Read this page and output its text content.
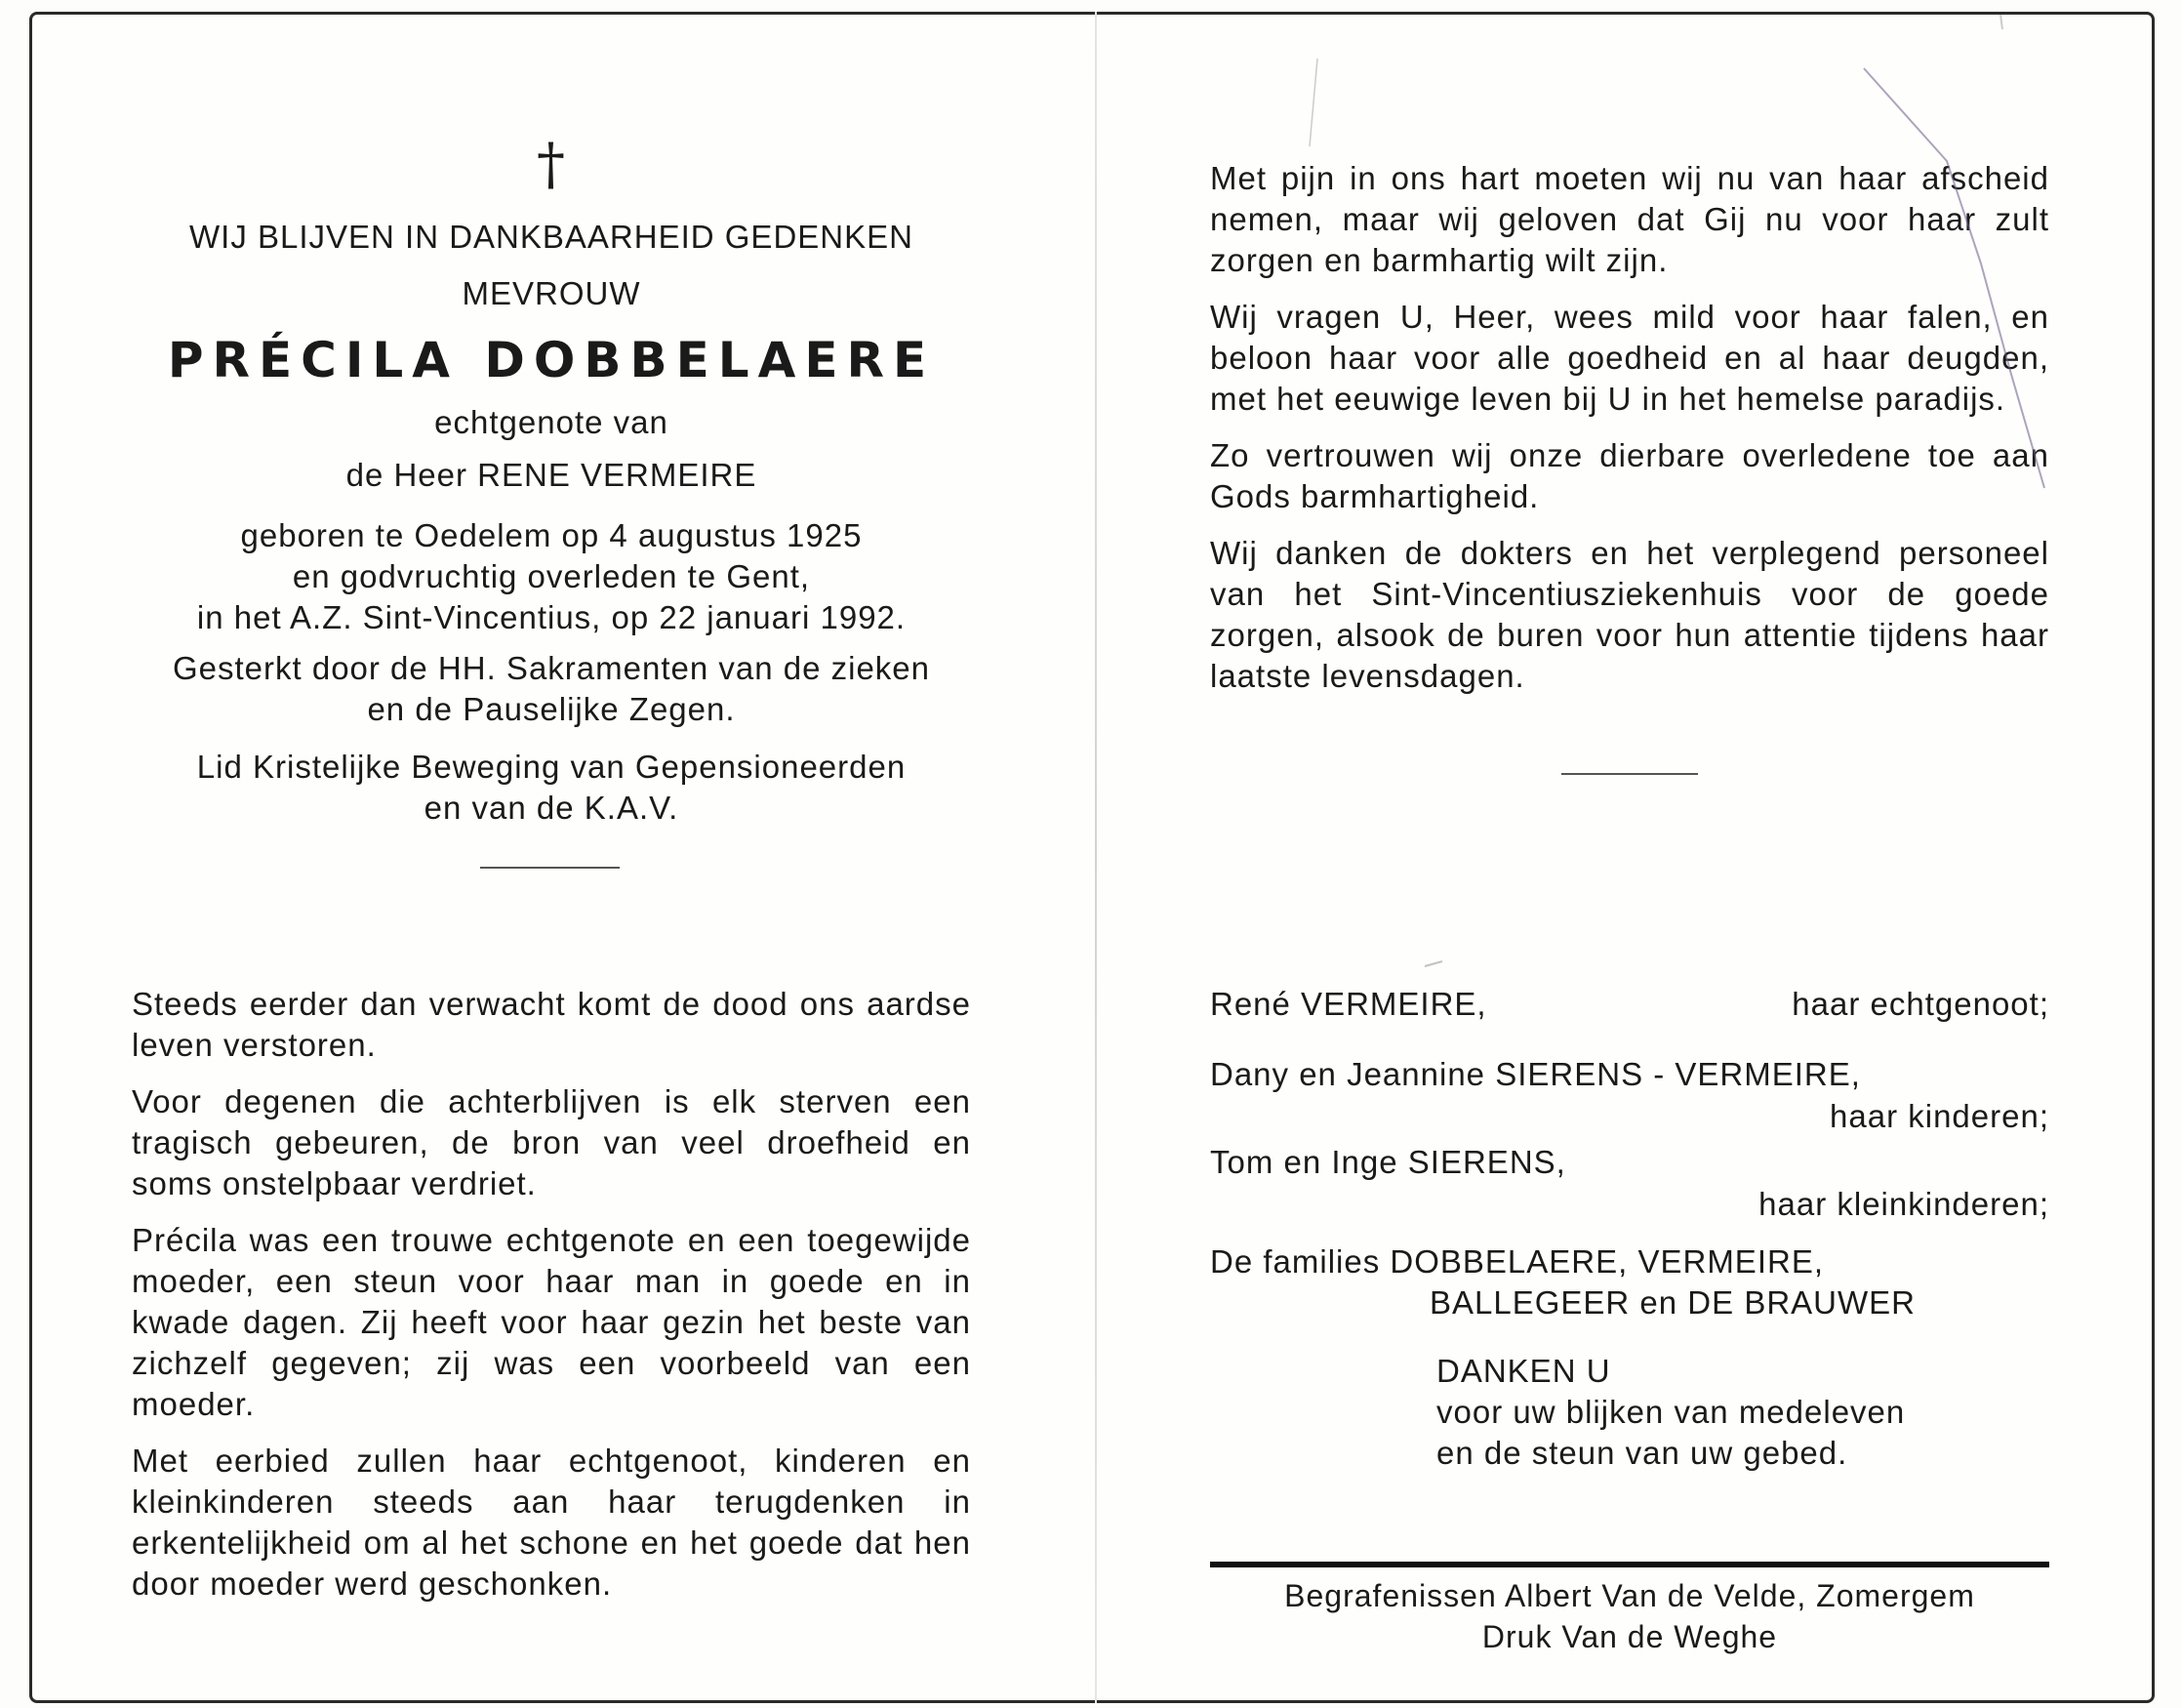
†

WIJ BLIJVEN IN DANKBAARHEID GEDENKEN

MEVROUW

PRÉCILA DOBBELAERE

echtgenote van

de Heer RENE VERMEIRE

geboren te Oedelem op 4 augustus 1925

en godvruchtig overleden te Gent,

in het A.Z. Sint-Vincentius, op 22 januari 1992.

Gesterkt door de HH. Sakramenten van de zieken

en de Pauselijke Zegen.

Lid Kristelijke Beweging van Gepensioneerden

en van de K.A.V.

Steeds eerder dan verwacht komt de dood ons aardse leven verstoren.

Voor degenen die achterblijven is elk sterven een tragisch gebeuren, de bron van veel droefheid en soms onstelpbaar verdriet.

Précila was een trouwe echtgenote en een toegewijde moeder, een steun voor haar man in goede en in kwade dagen. Zij heeft voor haar gezin het beste van zichzelf gegeven; zij was een voorbeeld van een moeder.

Met eerbied zullen haar echtgenoot, kinderen en kleinkinderen steeds aan haar terugdenken in erkentelijkheid om al het schone en het goede dat hen door moeder werd geschonken.

Met pijn in ons hart moeten wij nu van haar afscheid nemen, maar wij geloven dat Gij nu voor haar zult zorgen en barmhartig wilt zijn.

Wij vragen U, Heer, wees mild voor haar falen, en beloon haar voor alle goedheid en al haar deugden, met het eeuwige leven bij U in het hemelse paradijs.

Zo vertrouwen wij onze dierbare overledene toe aan Gods barmhartigheid.

Wij danken de dokters en het verplegend personeel van het Sint-Vincentiusziekenhuis voor de goede zorgen, alsook de buren voor hun attentie tijdens haar laatste levensdagen.

René VERMEIRE,	haar echtgenoot;
Dany en Jeannine SIERENS - VERMEIRE,
haar kinderen;
Tom en Inge SIERENS,
haar kleinkinderen;
De families DOBBELAERE, VERMEIRE,
BALLEGEER en DE BRAUWER

DANKEN U

voor uw blijken van medeleven

en de steun van uw gebed.

Begrafenissen Albert Van de Velde, Zomergem

Druk Van de Weghe
